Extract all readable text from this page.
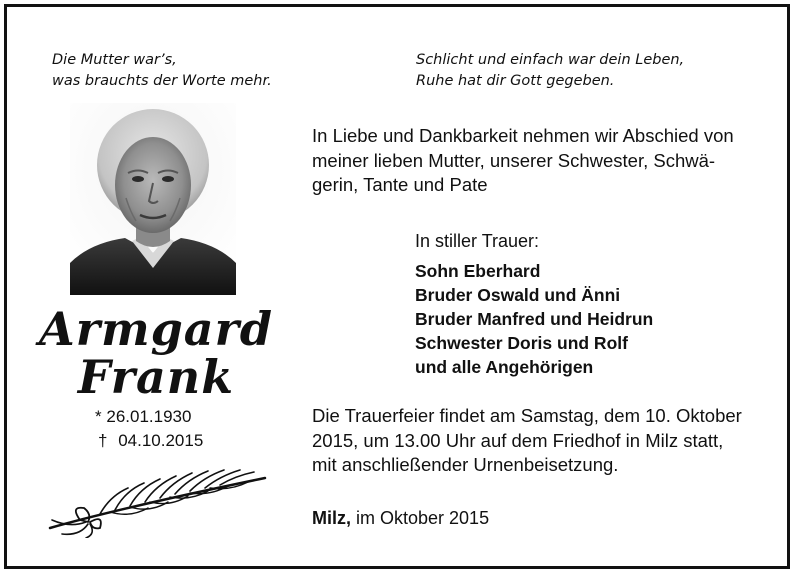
Die Mutter war’s,
was brauchts der Worte mehr.
Schlicht und einfach war dein Leben,
Ruhe hat dir Gott gegeben.
Armgard
Frank
* 26.01.1930
† 04.10.2015
In Liebe und Dankbarkeit nehmen wir Abschied von
meiner lieben Mutter, unserer Schwester, Schwä-
gerin, Tante und Pate
In stiller Trauer:
Sohn Eberhard
Bruder Oswald und Änni
Bruder Manfred und Heidrun
Schwester Doris und Rolf
und alle Angehörigen
Die Trauerfeier findet am Samstag, dem 10. Oktober
2015, um 13.00 Uhr auf dem Friedhof in Milz statt,
mit anschließender Urnenbeisetzung.
Milz, im Oktober 2015
